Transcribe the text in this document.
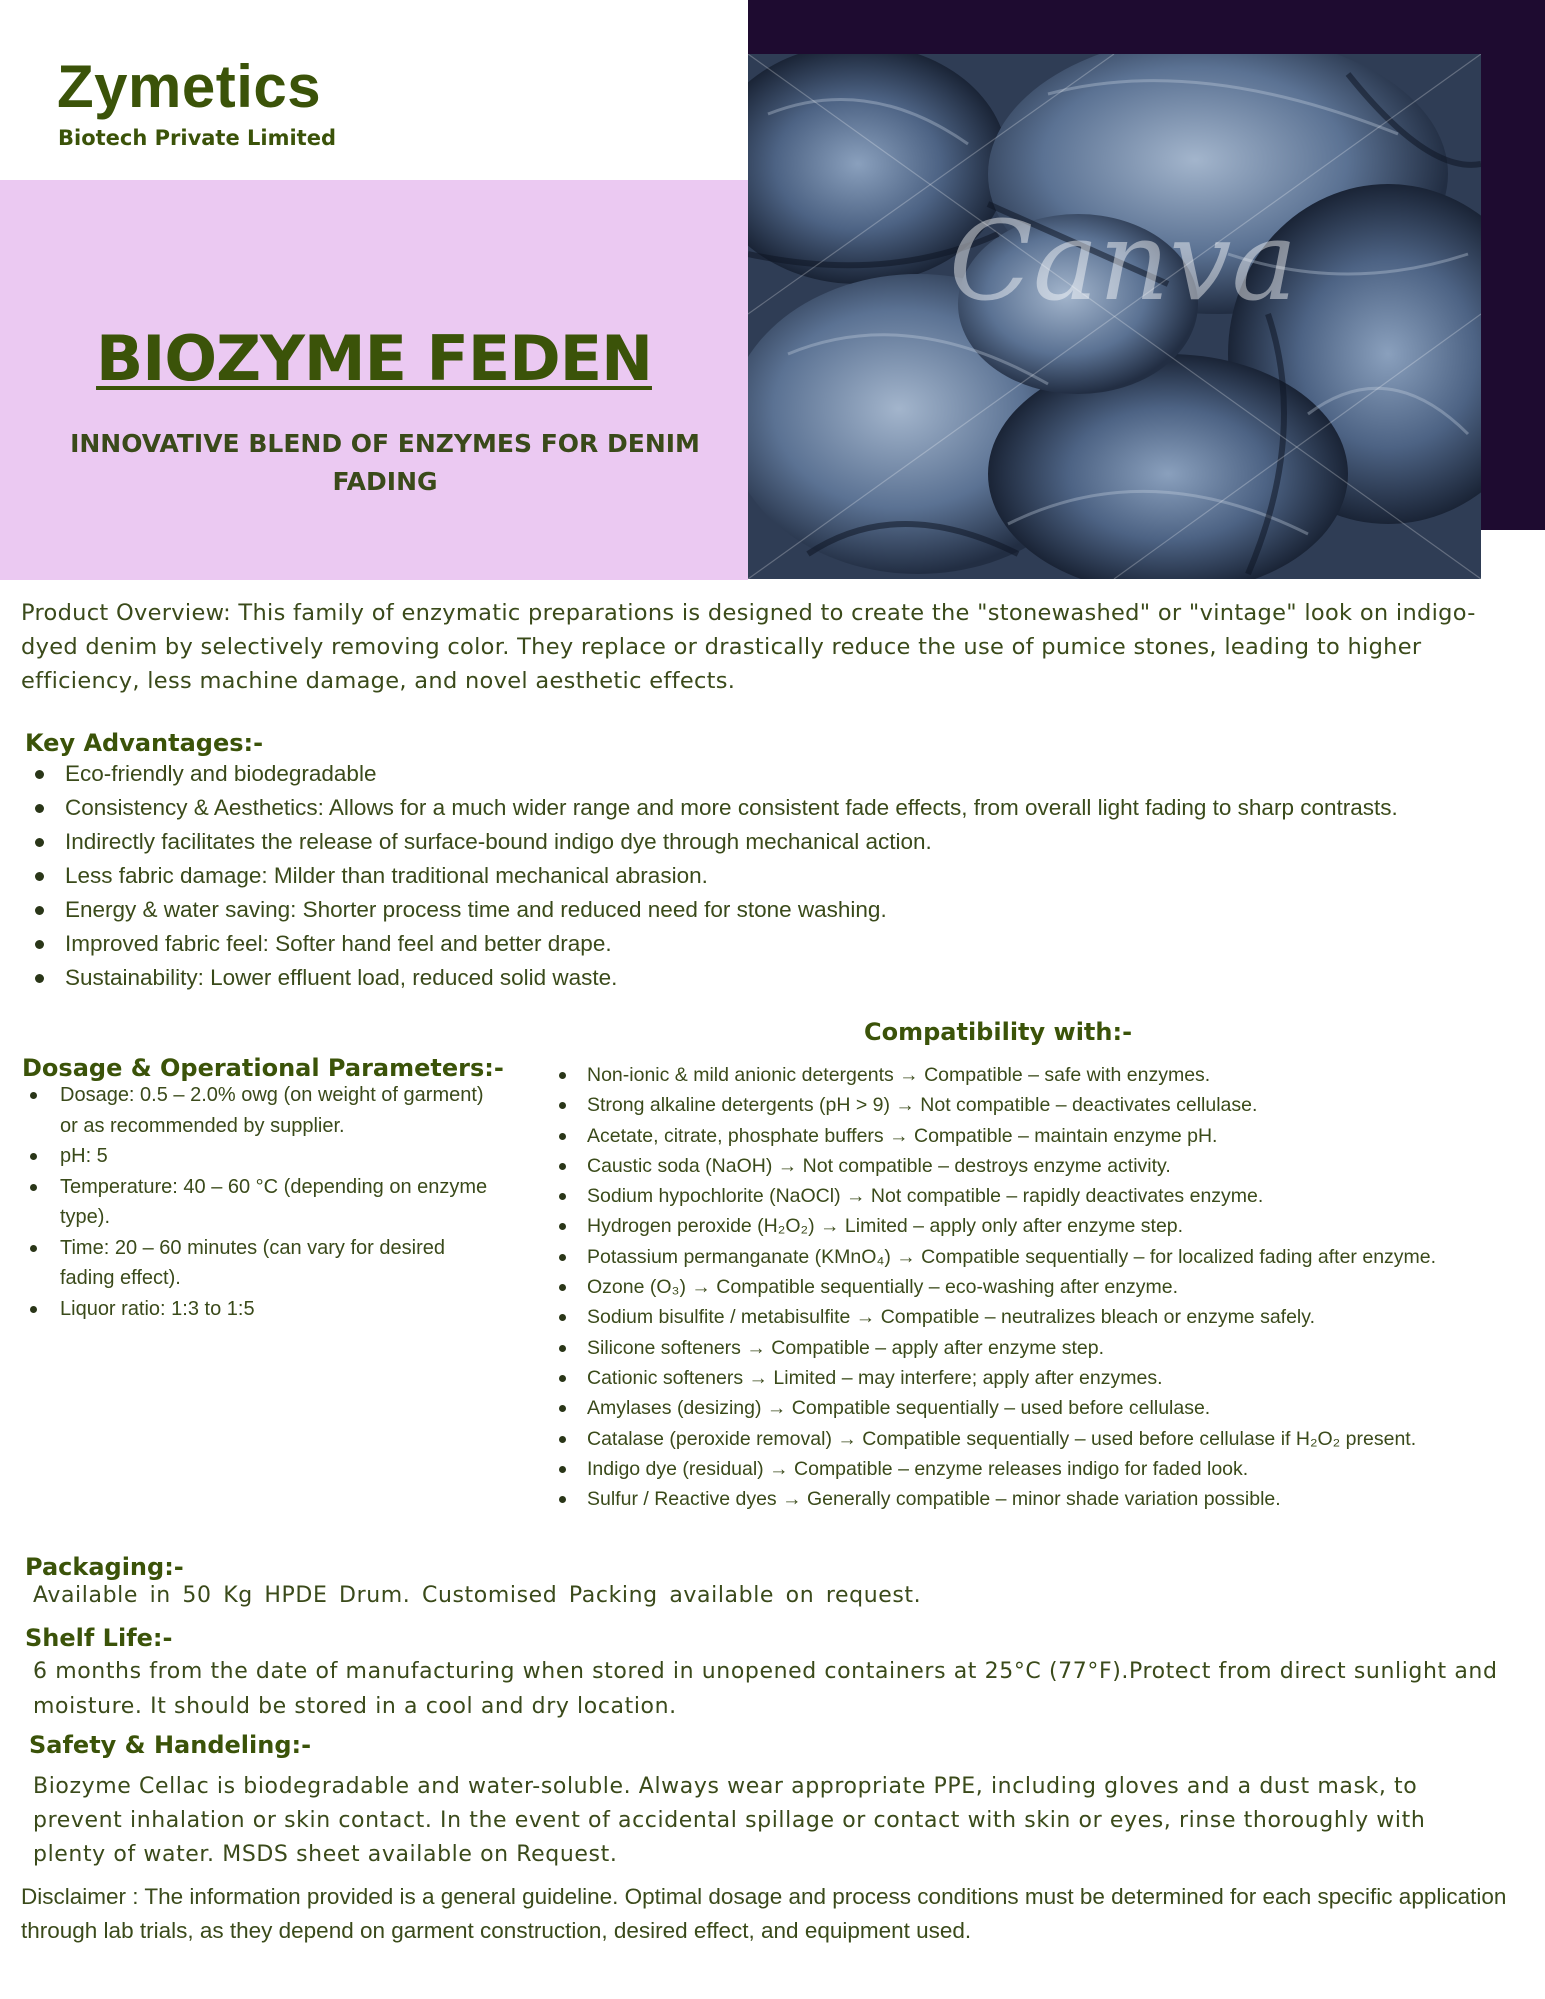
Canva
Zymetics
Biotech Private Limited
BIOZYME FEDEN
INNOVATIVE BLEND OF ENZYMES FOR DENIM FADING

Product Overview: This family of enzymatic preparations is designed to create the "stonewashed" or "vintage" look on indigo-dyed denim by selectively removing color. They replace or drastically reduce the use of pumice stones, leading to higher efficiency, less machine damage, and novel aesthetic effects.

Key Advantages:-
Eco-friendly and biodegradable
Consistency & Aesthetics: Allows for a much wider range and more consistent fade effects, from overall light fading to sharp contrasts.
Indirectly facilitates the release of surface-bound indigo dye through mechanical action.
Less fabric damage: Milder than traditional mechanical abrasion.
Energy & water saving: Shorter process time and reduced need for stone washing.
Improved fabric feel: Softer hand feel and better drape.
Sustainability: Lower effluent load, reduced solid waste.
Compatibility with:-
Dosage & Operational Parameters:-
Dosage: 0.5 – 2.0% owg (on weight of garment) or as recommended by supplier.
pH: 5
Temperature: 40 – 60 °C (depending on enzyme type).
Time: 20 – 60 minutes (can vary for desired fading effect).
Liquor ratio: 1:3 to 1:5
Non-ionic & mild anionic detergents → Compatible – safe with enzymes.
Strong alkaline detergents (pH > 9) → Not compatible – deactivates cellulase.
Acetate, citrate, phosphate buffers → Compatible – maintain enzyme pH.
Caustic soda (NaOH) → Not compatible – destroys enzyme activity.
Sodium hypochlorite (NaOCl) → Not compatible – rapidly deactivates enzyme.
Hydrogen peroxide (H₂O₂) → Limited – apply only after enzyme step.
Potassium permanganate (KMnO₄) → Compatible sequentially – for localized fading after enzyme.
Ozone (O₃) → Compatible sequentially – eco-washing after enzyme.
Sodium bisulfite / metabisulfite → Compatible – neutralizes bleach or enzyme safely.
Silicone softeners → Compatible – apply after enzyme step.
Cationic softeners → Limited – may interfere; apply after enzymes.
Amylases (desizing) → Compatible sequentially – used before cellulase.
Catalase (peroxide removal) → Compatible sequentially – used before cellulase if H₂O₂ present.
Indigo dye (residual) → Compatible – enzyme releases indigo for faded look.
Sulfur / Reactive dyes → Generally compatible – minor shade variation possible.
Packaging:-

Available in 50 Kg HPDE Drum. Customised Packing available on request.

Shelf Life:-

6 months from the date of manufacturing when stored in unopened containers at 25°C (77°F).Protect from direct sunlight and moisture. It should be stored in a cool and dry location.

Safety & Handeling:-

Biozyme Cellac is biodegradable and water-soluble. Always wear appropriate PPE, including gloves and a dust mask, to prevent inhalation or skin contact. In the event of accidental spillage or contact with skin or eyes, rinse thoroughly with plenty of water. MSDS sheet available on Request.

Disclaimer : The information provided is a general guideline. Optimal dosage and process conditions must be determined for each specific application through lab trials, as they depend on garment construction, desired effect, and equipment used.
